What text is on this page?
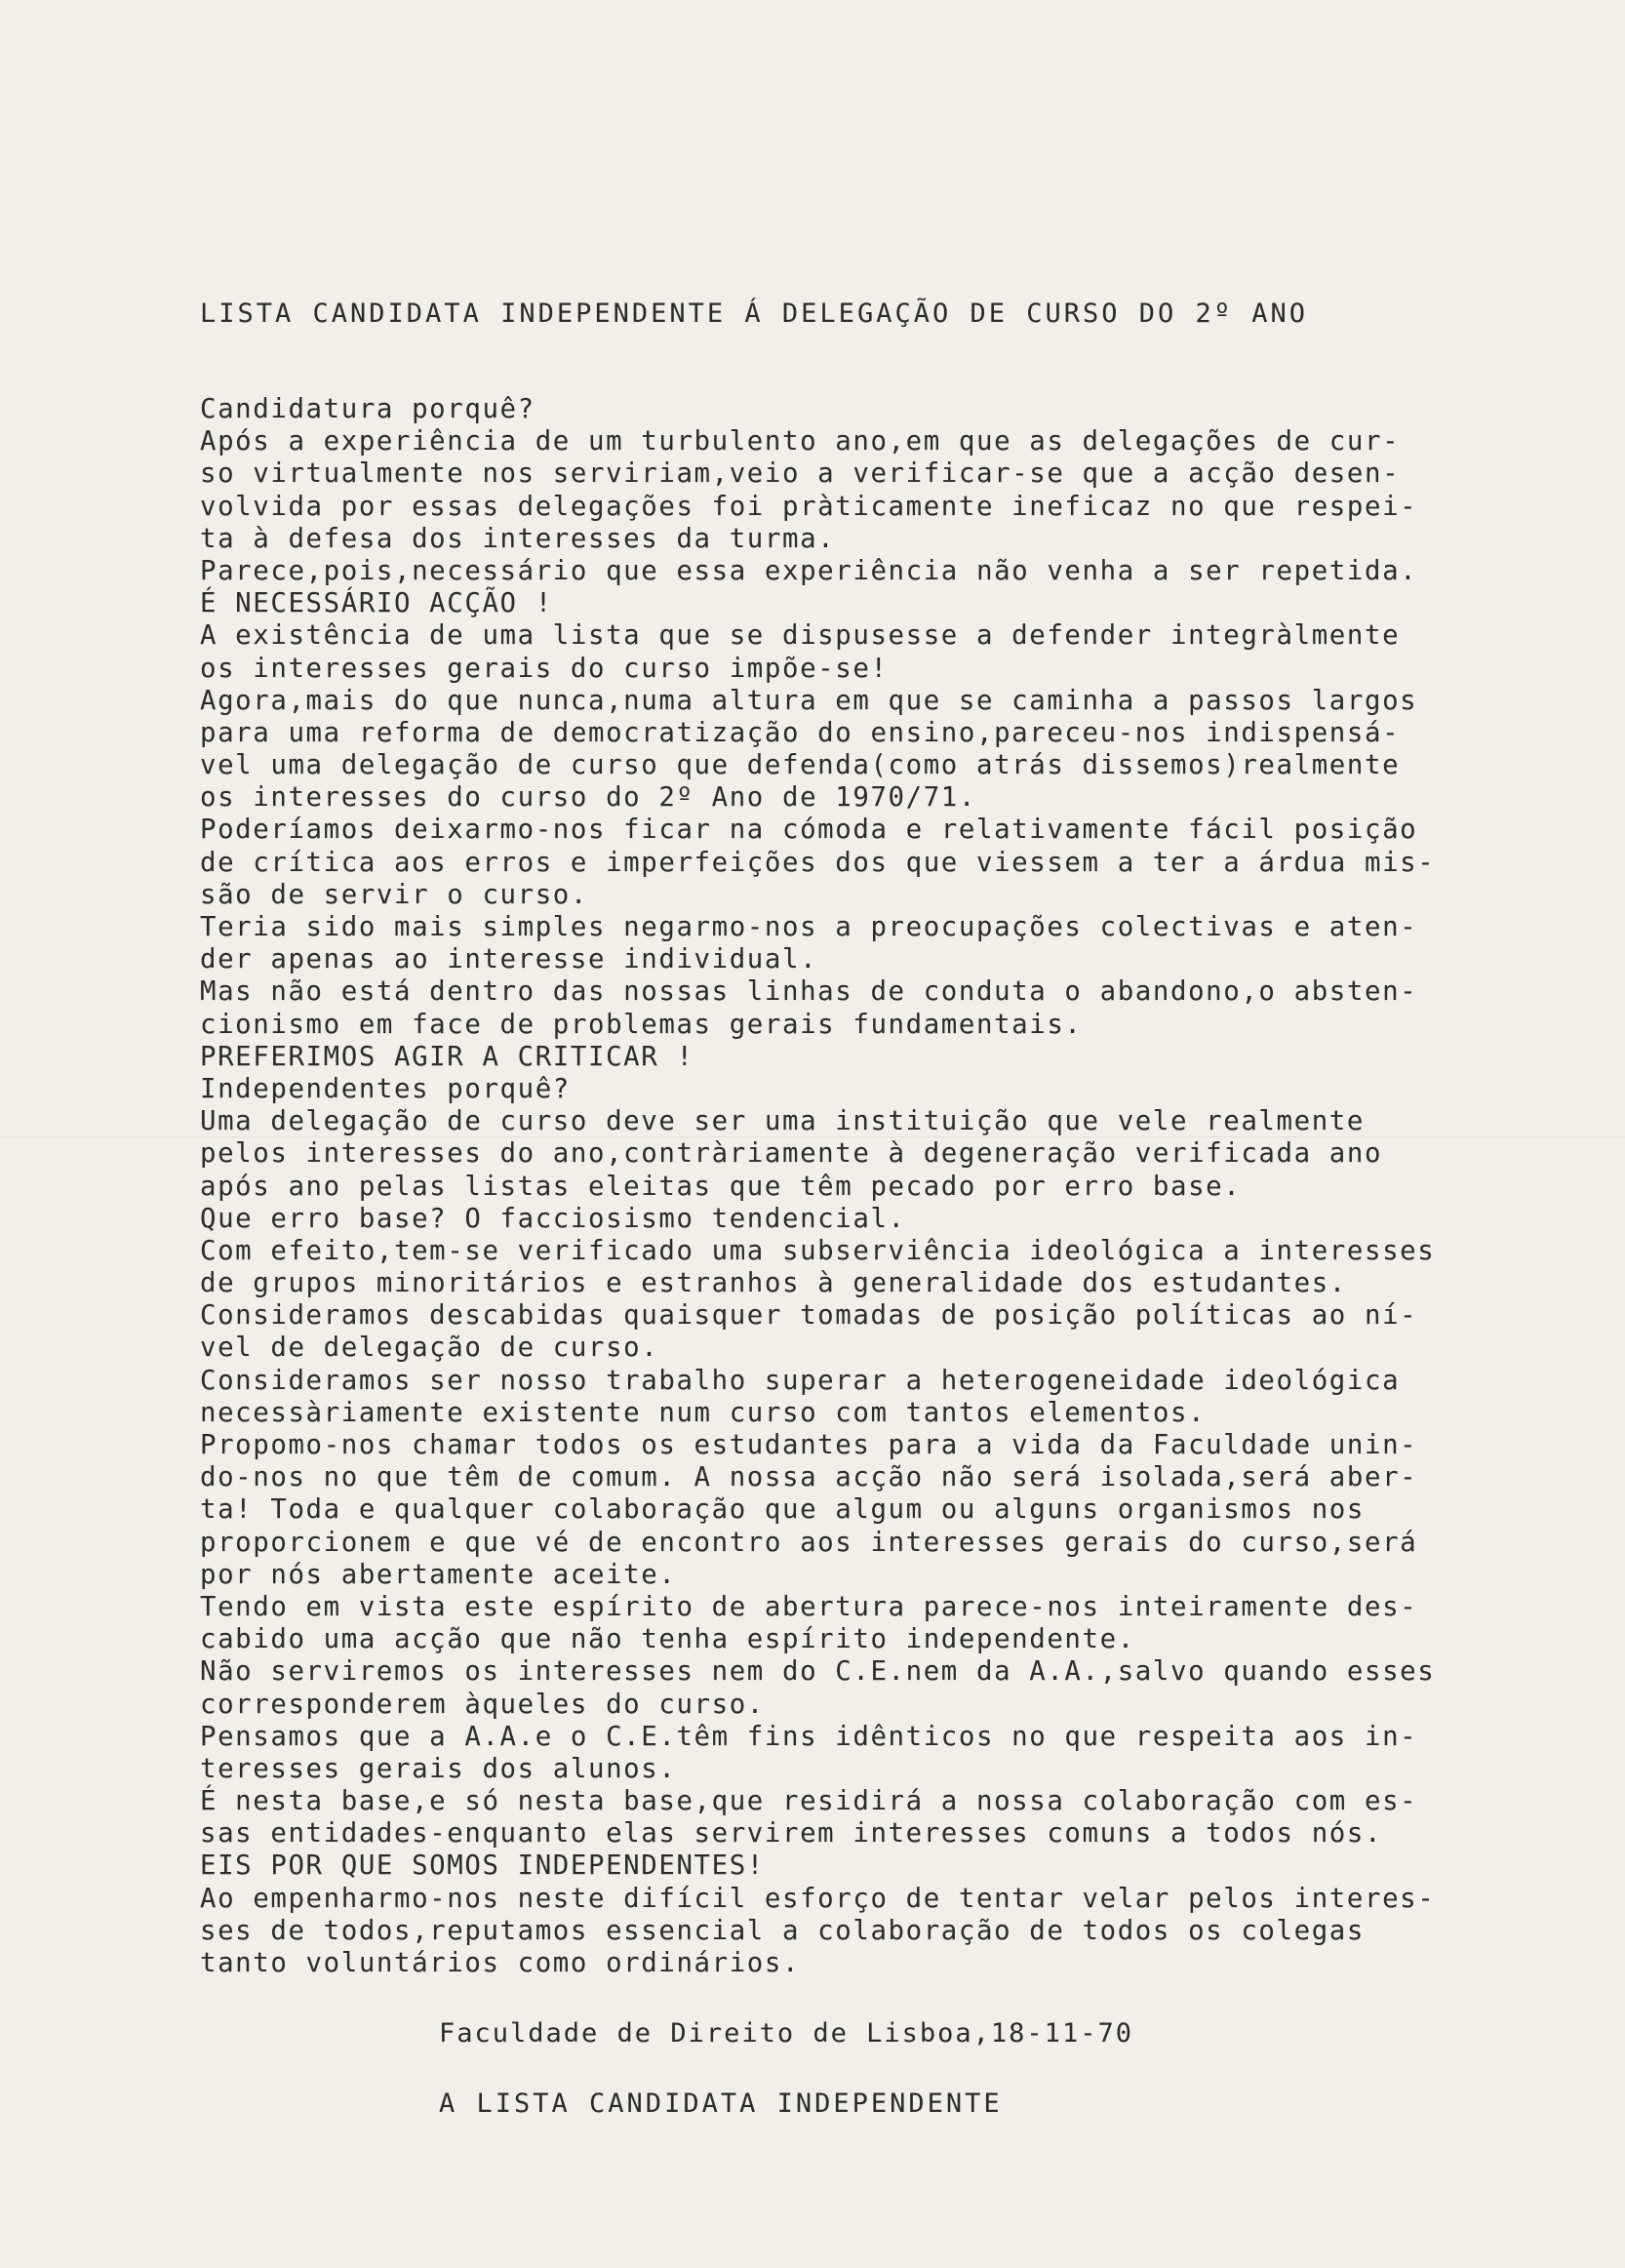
LISTA CANDIDATA INDEPENDENTE Á DELEGAÇÃO DE CURSO DO 2º ANO
Candidatura porquê?
Após a experiência de um turbulento ano,em que as delegações de cur-
so virtualmente nos serviriam,veio a verificar-se que a acção desen-
volvida por essas delegações foi pràticamente ineficaz no que respei-
ta à defesa dos interesses da turma.
Parece,pois,necessário que essa experiência não venha a ser repetida.
É NECESSÁRIO ACÇÃO !
A existência de uma lista que se dispusesse a defender integràlmente
os interesses gerais do curso impõe-se!
Agora,mais do que nunca,numa altura em que se caminha a passos largos
para uma reforma de democratização do ensino,pareceu-nos indispensá-
vel uma delegação de curso que defenda(como atrás dissemos)realmente
os interesses do curso do 2º Ano de 1970/71.
Poderíamos deixarmo-nos ficar na cómoda e relativamente fácil posição
de crítica aos erros e imperfeições dos que viessem a ter a árdua mis-
são de servir o curso.
Teria sido mais simples negarmo-nos a preocupações colectivas e aten-
der apenas ao interesse individual.
Mas não está dentro das nossas linhas de conduta o abandono,o absten-
cionismo em face de problemas gerais fundamentais.
PREFERIMOS AGIR A CRITICAR !
Independentes porquê?
Uma delegação de curso deve ser uma instituição que vele realmente
pelos interesses do ano,contràriamente à degeneração verificada ano
após ano pelas listas eleitas que têm pecado por erro base.
Que erro base? O facciosismo tendencial.
Com efeito,tem-se verificado uma subserviência ideológica a interesses
de grupos minoritários e estranhos à generalidade dos estudantes.
Consideramos descabidas quaisquer tomadas de posição políticas ao ní-
vel de delegação de curso.
Consideramos ser nosso trabalho superar a heterogeneidade ideológica
necessàriamente existente num curso com tantos elementos.
Propomo-nos chamar todos os estudantes para a vida da Faculdade unin-
do-nos no que têm de comum. A nossa acção não será isolada,será aber-
ta! Toda e qualquer colaboração que algum ou alguns organismos nos
proporcionem e que vé de encontro aos interesses gerais do curso,será
por nós abertamente aceite.
Tendo em vista este espírito de abertura parece-nos inteiramente des-
cabido uma acção que não tenha espírito independente.
Não serviremos os interesses nem do C.E.nem da A.A.,salvo quando esses
corresponderem àqueles do curso.
Pensamos que a A.A.e o C.E.têm fins idênticos no que respeita aos in-
teresses gerais dos alunos.
É nesta base,e só nesta base,que residirá a nossa colaboração com es-
sas entidades-enquanto elas servirem interesses comuns a todos nós.
EIS POR QUE SOMOS INDEPENDENTES!
Ao empenharmo-nos neste difícil esforço de tentar velar pelos interes-
ses de todos,reputamos essencial a colaboração de todos os colegas
tanto voluntários como ordinários.
Faculdade de Direito de Lisboa,18-11-70
A LISTA CANDIDATA INDEPENDENTE
